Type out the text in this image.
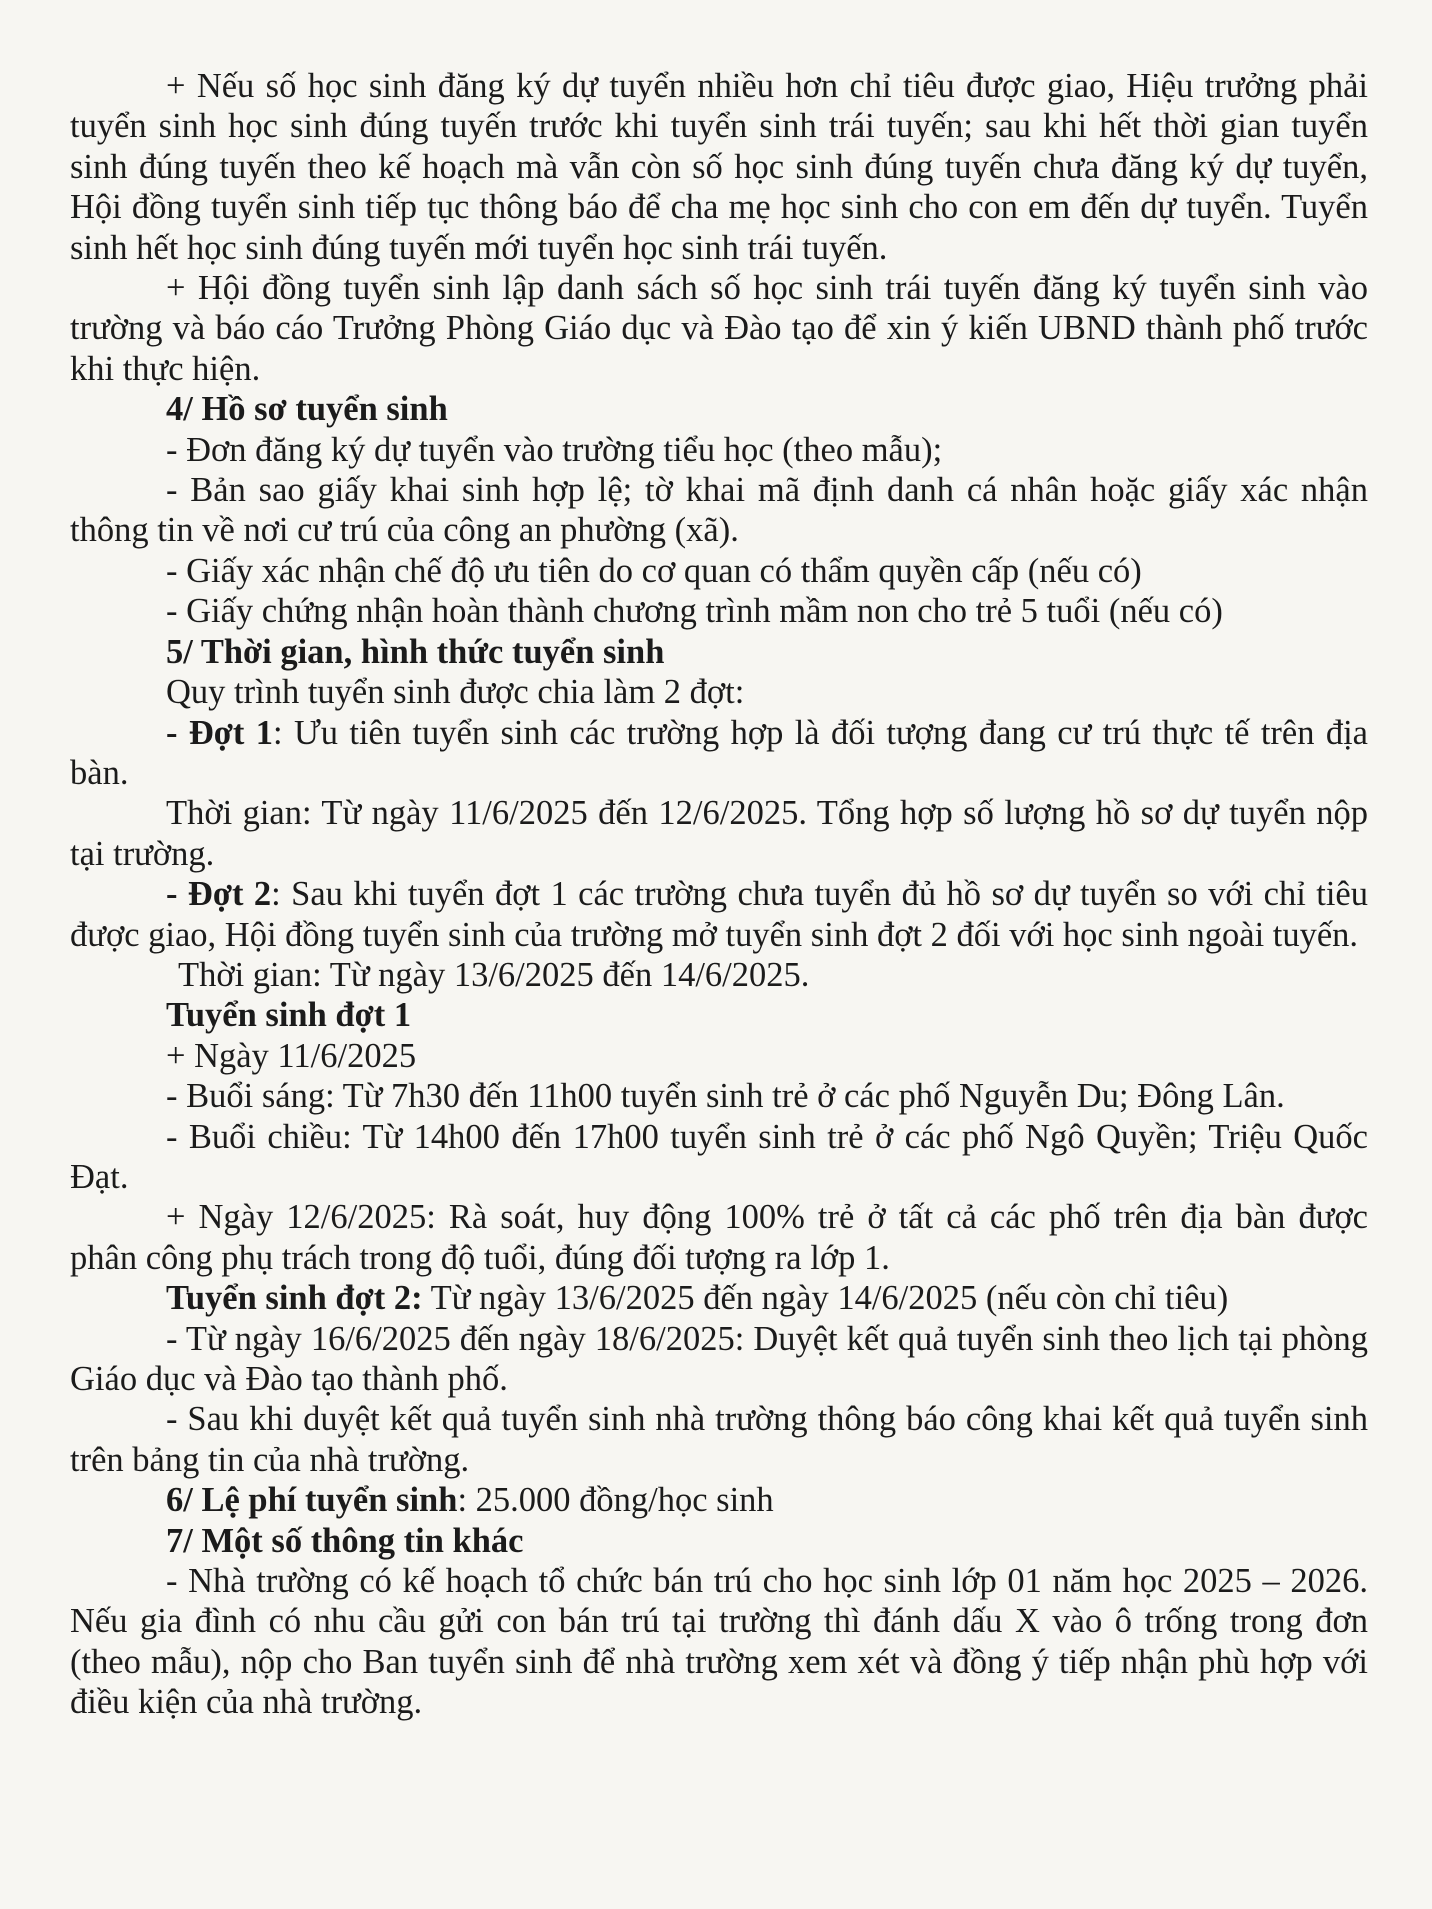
+ Nếu số học sinh đăng ký dự tuyển nhiều hơn chỉ tiêu được giao, Hiệu trưởng phải tuyển sinh học sinh đúng tuyến trước khi tuyển sinh trái tuyến; sau khi hết thời gian tuyển sinh đúng tuyến theo kế hoạch mà vẫn còn số học sinh đúng tuyến chưa đăng ký dự tuyển, Hội đồng tuyển sinh tiếp tục thông báo để cha mẹ học sinh cho con em đến dự tuyển. Tuyển sinh hết học sinh đúng tuyến mới tuyển học sinh trái tuyến.

+ Hội đồng tuyển sinh lập danh sách số học sinh trái tuyến đăng ký tuyển sinh vào trường và báo cáo Trưởng Phòng Giáo dục và Đào tạo để xin ý kiến UBND thành phố trước khi thực hiện.

4/ Hồ sơ tuyển sinh

- Đơn đăng ký dự tuyển vào trường tiểu học (theo mẫu);

- Bản sao giấy khai sinh hợp lệ; tờ khai mã định danh cá nhân hoặc giấy xác nhận thông tin về nơi cư trú của công an phường (xã).

- Giấy xác nhận chế độ ưu tiên do cơ quan có thẩm quyền cấp (nếu có)

- Giấy chứng nhận hoàn thành chương trình mầm non cho trẻ 5 tuổi (nếu có)

5/ Thời gian, hình thức tuyển sinh

Quy trình tuyển sinh được chia làm 2 đợt:

- Đợt 1: Ưu tiên tuyển sinh các trường hợp là đối tượng đang cư trú thực tế trên địa bàn.

Thời gian: Từ ngày 11/6/2025 đến 12/6/2025. Tổng hợp số lượng hồ sơ dự tuyển nộp tại trường.

- Đợt 2: Sau khi tuyển đợt 1 các trường chưa tuyển đủ hồ sơ dự tuyển so với chỉ tiêu được giao, Hội đồng tuyển sinh của trường mở tuyển sinh đợt 2 đối với học sinh ngoài tuyến.

Thời gian: Từ ngày 13/6/2025 đến 14/6/2025.

Tuyển sinh đợt 1

+ Ngày 11/6/2025

- Buổi sáng: Từ 7h30 đến 11h00 tuyển sinh trẻ ở các phố Nguyễn Du; Đông Lân.

- Buổi chiều: Từ 14h00 đến 17h00 tuyển sinh trẻ ở các phố Ngô Quyền; Triệu Quốc Đạt.

+ Ngày 12/6/2025: Rà soát, huy động 100% trẻ ở tất cả các phố trên địa bàn được phân công phụ trách trong độ tuổi, đúng đối tượng ra lớp 1.

Tuyển sinh đợt 2: Từ ngày 13/6/2025 đến ngày 14/6/2025 (nếu còn chỉ tiêu)

- Từ ngày 16/6/2025 đến ngày 18/6/2025: Duyệt kết quả tuyển sinh theo lịch tại phòng Giáo dục và Đào tạo thành phố.

- Sau khi duyệt kết quả tuyển sinh nhà trường thông báo công khai kết quả tuyển sinh trên bảng tin của nhà trường.

6/ Lệ phí tuyển sinh: 25.000 đồng/học sinh

7/ Một số thông tin khác

- Nhà trường có kế hoạch tổ chức bán trú cho học sinh lớp 01 năm học 2025 – 2026. Nếu gia đình có nhu cầu gửi con bán trú tại trường thì đánh dấu X vào ô trống trong đơn (theo mẫu), nộp cho Ban tuyển sinh để nhà trường xem xét và đồng ý tiếp nhận phù hợp với điều kiện của nhà trường.
